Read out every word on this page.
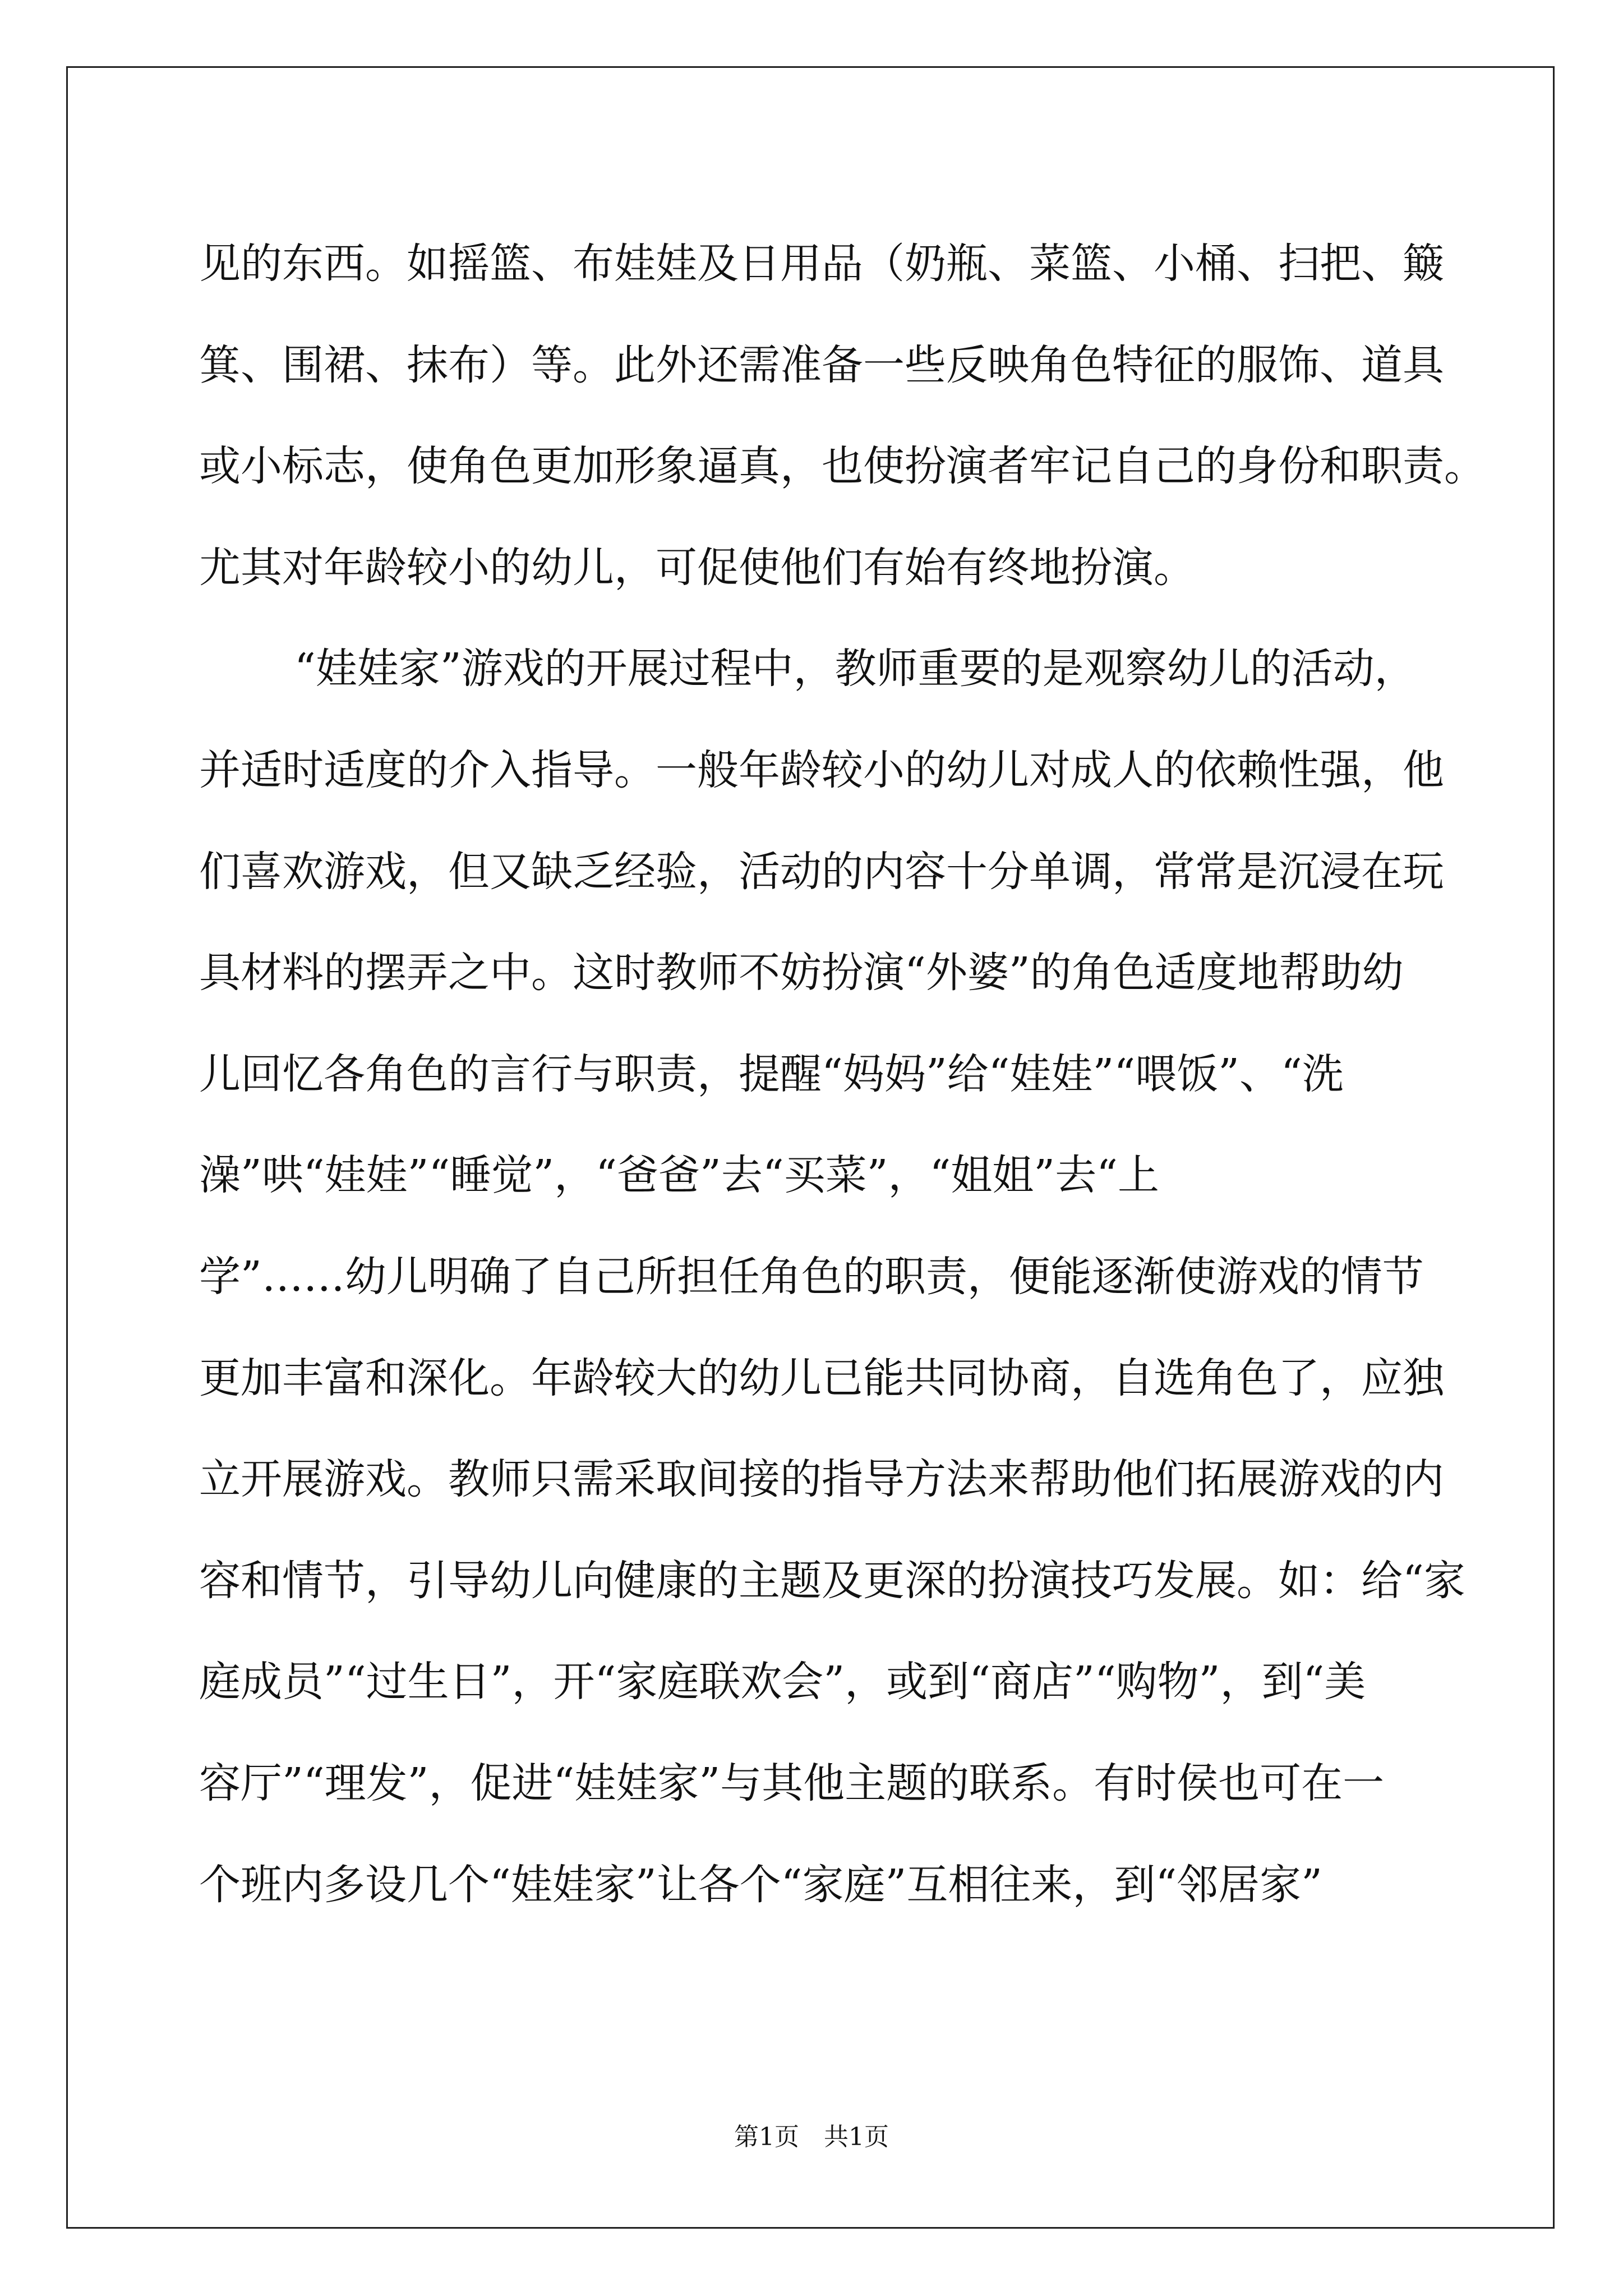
见的东西。如摇篮、布娃娃及日用品（奶瓶、菜篮、小桶、扫把、簸
箕、围裙、抹布）等。此外还需准备一些反映角色特征的服饰、道具
或小标志，使角色更加形象逼真，也使扮演者牢记自己的身份和职责。
尤其对年龄较小的幼儿，可促使他们有始有终地扮演。
“娃娃家”游戏的开展过程中，教师重要的是观察幼儿的活动，
并适时适度的介入指导。一般年龄较小的幼儿对成人的依赖性强，他
们喜欢游戏，但又缺乏经验，活动的内容十分单调，常常是沉浸在玩
具材料的摆弄之中。这时教师不妨扮演“外婆”的角色适度地帮助幼
儿回忆各角色的言行与职责，提醒“妈妈”给“娃娃”“喂饭”、“洗
澡”哄“娃娃”“睡觉”，“爸爸”去“买菜”，“姐姐”去“上
学”……幼儿明确了自己所担任角色的职责，便能逐渐使游戏的情节
更加丰富和深化。年龄较大的幼儿已能共同协商，自选角色了，应独
立开展游戏。教师只需采取间接的指导方法来帮助他们拓展游戏的内
容和情节，引导幼儿向健康的主题及更深的扮演技巧发展。如：给“家
庭成员”“过生日”，开“家庭联欢会”，或到“商店”“购物”，到“美
容厅”“理发”，促进“娃娃家”与其他主题的联系。有时侯也可在一
个班内多设几个“娃娃家”让各个“家庭”互相往来，到“邻居家”
第1页　共1页
